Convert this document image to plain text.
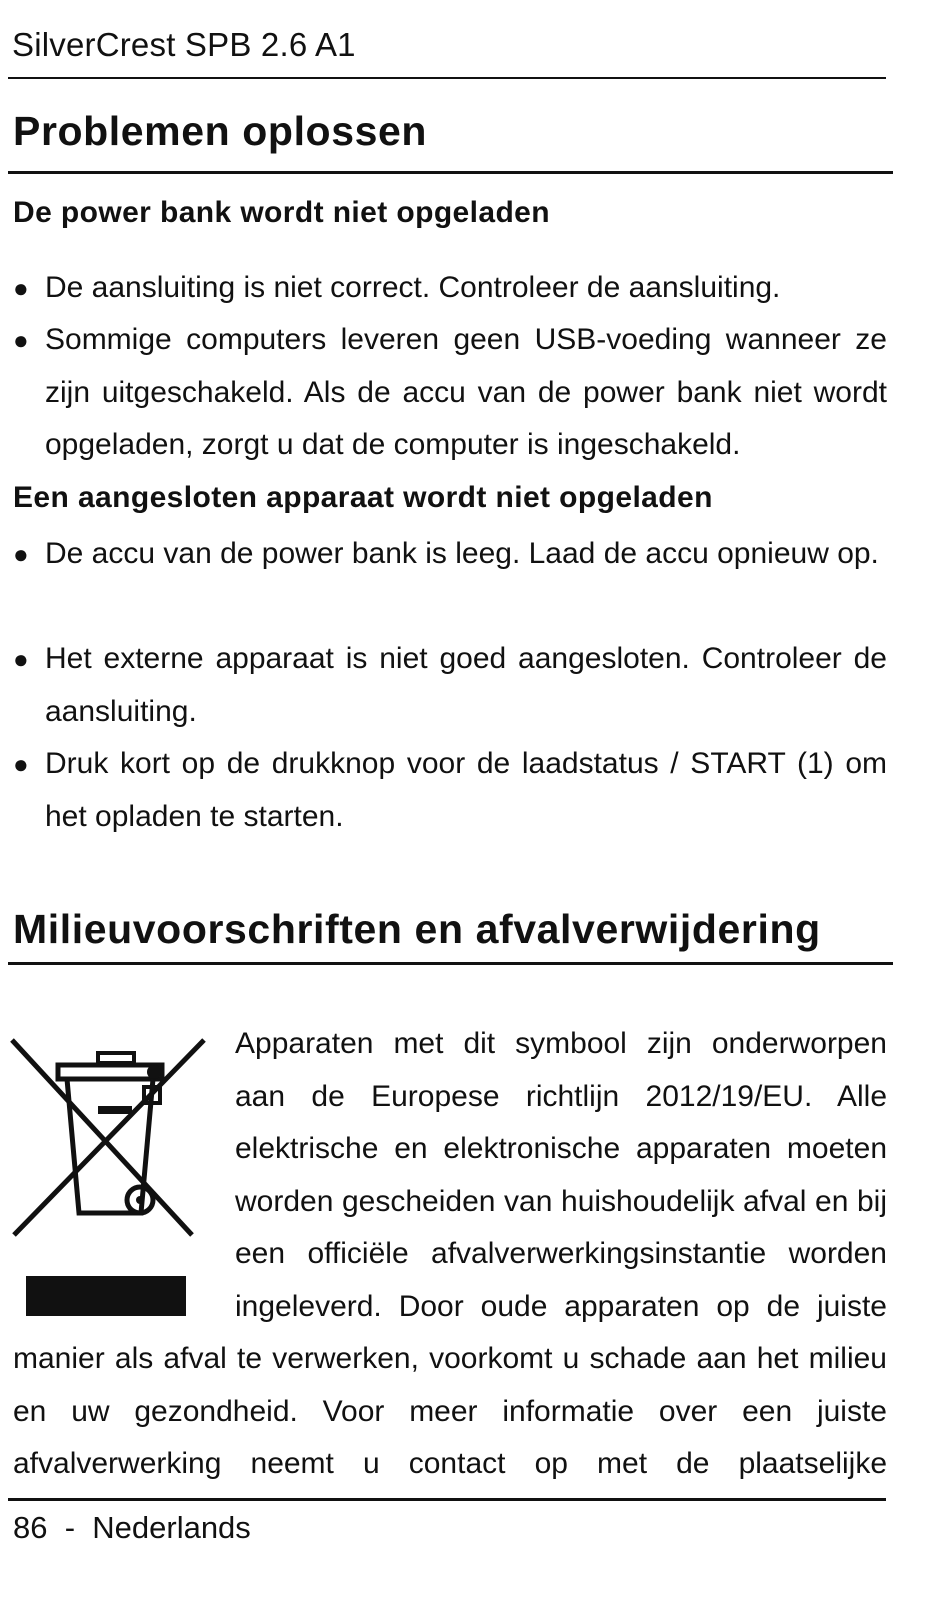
SilverCrest SPB 2.6 A1
Problemen oplossen
De power bank wordt niet opgeladen
● De aansluiting is niet correct. Controleer de aansluiting.
● Sommige computers leveren geen USB-voeding wanneer ze zijn uitgeschakeld. Als de accu van de power bank niet wordt opgeladen, zorgt u dat de computer is ingeschakeld.
Een aangesloten apparaat wordt niet opgeladen
● De accu van de power bank is leeg. Laad de accu opnieuw op.
● Het externe apparaat is niet goed aangesloten. Controleer de aansluiting.
● Druk kort op de drukknop voor de laadstatus / START (1) om het opladen te starten.
Milieuvoorschriften en afvalverwijdering
Apparaten met dit symbool zijn onderworpen aan de Europese richtlijn 2012/19/EU. Alle elektrische en elektronische apparaten moeten worden gescheiden van huishoudelijk afval en bij een officiële afvalverwerkingsinstantie worden ingeleverd. Door oude apparaten op de juiste manier als afval te verwerken, voorkomt u schade aan het milieu en uw gezondheid. Voor meer informatie over een juiste afvalverwerking neemt u contact op met de plaatselijke
86  -  Nederlands
